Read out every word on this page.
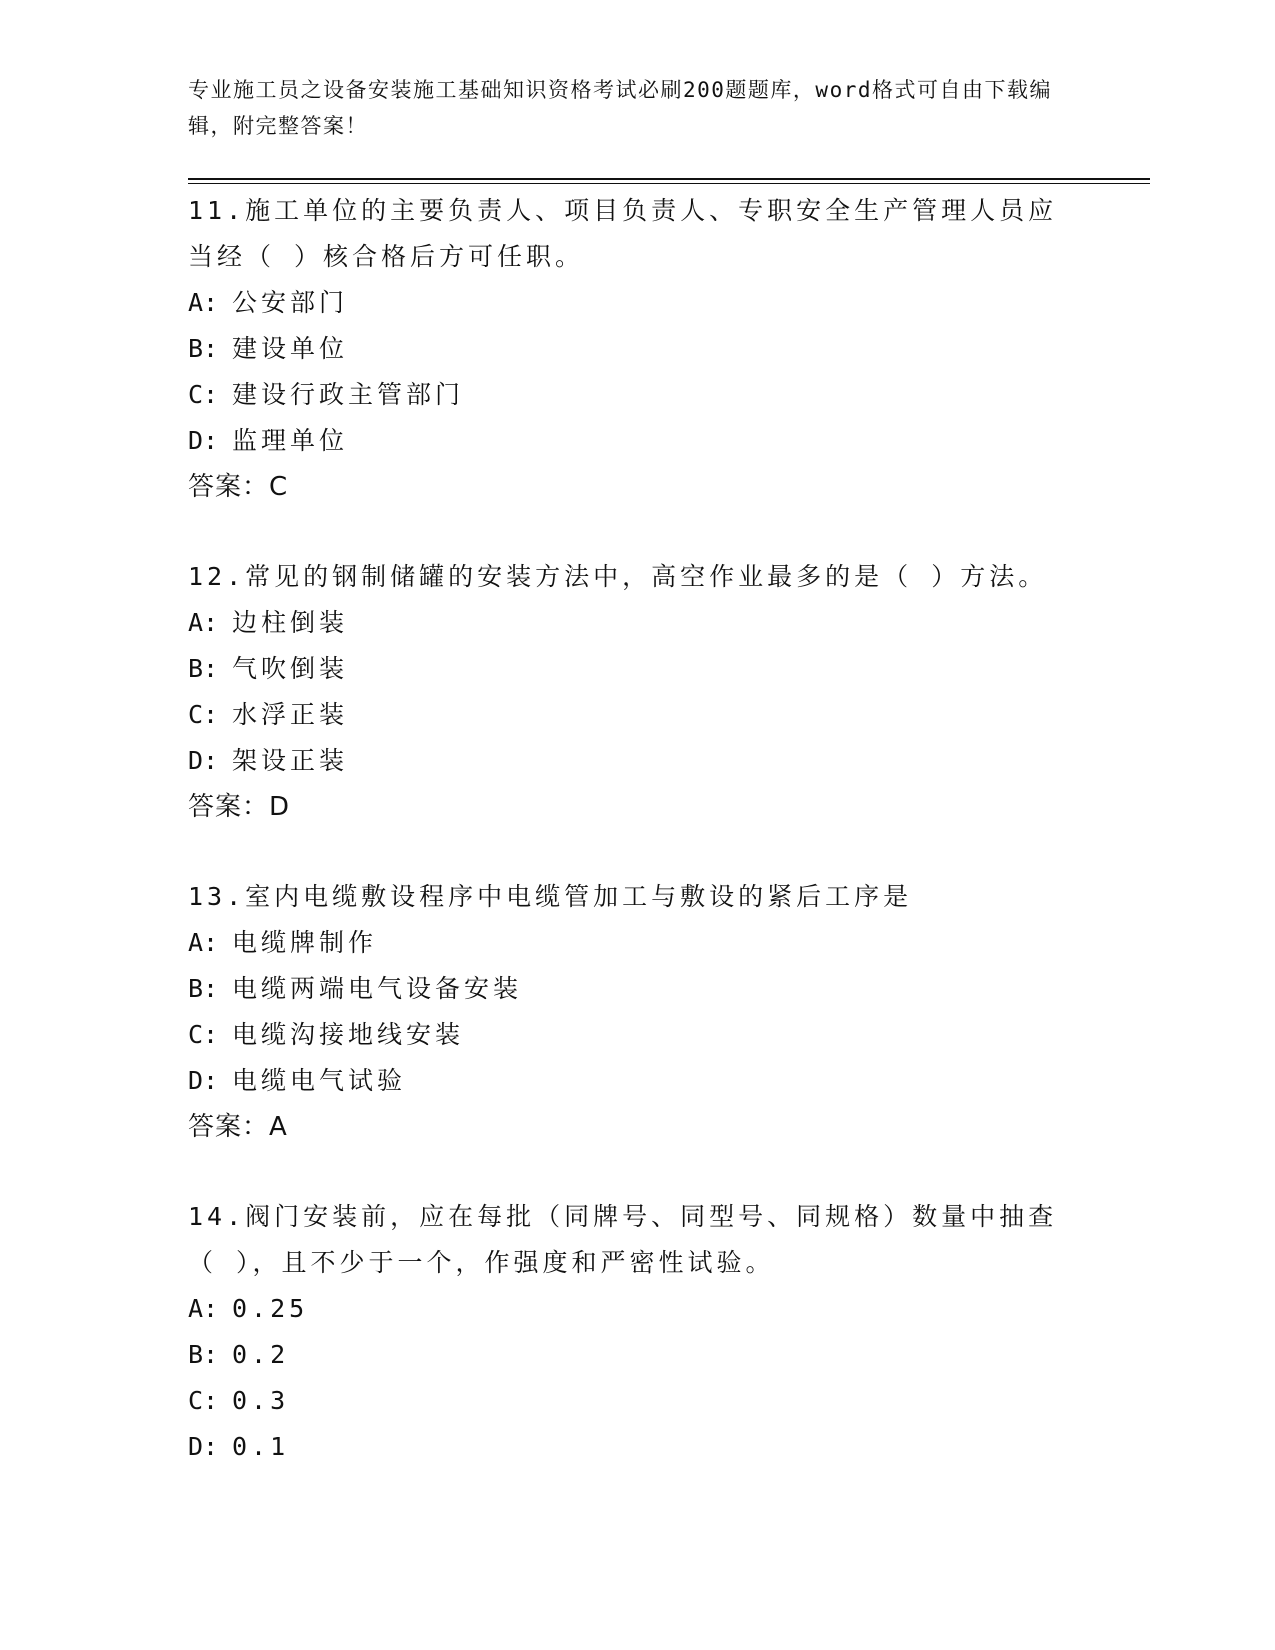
专业施工员之设备安装施工基础知识资格考试必刷200题题库，word格式可自由下载编辑，附完整答案！
11.施工单位的主要负责人、项目负责人、专职安全生产管理人员应当经（ ）核合格后方可任职。
A: 公安部门
B: 建设单位
C: 建设行政主管部门
D: 监理单位
答案：C
12.常见的钢制储罐的安装方法中，高空作业最多的是（ ）方法。
A: 边柱倒装
B: 气吹倒装
C: 水浮正装
D: 架设正装
答案：D
13.室内电缆敷设程序中电缆管加工与敷设的紧后工序是
A: 电缆牌制作
B: 电缆两端电气设备安装
C: 电缆沟接地线安装
D: 电缆电气试验
答案：A
14.阀门安装前，应在每批（同牌号、同型号、同规格）数量中抽查（ ），且不少于一个，作强度和严密性试验。
A: 0.25
B: 0.2
C: 0.3
D: 0.1
